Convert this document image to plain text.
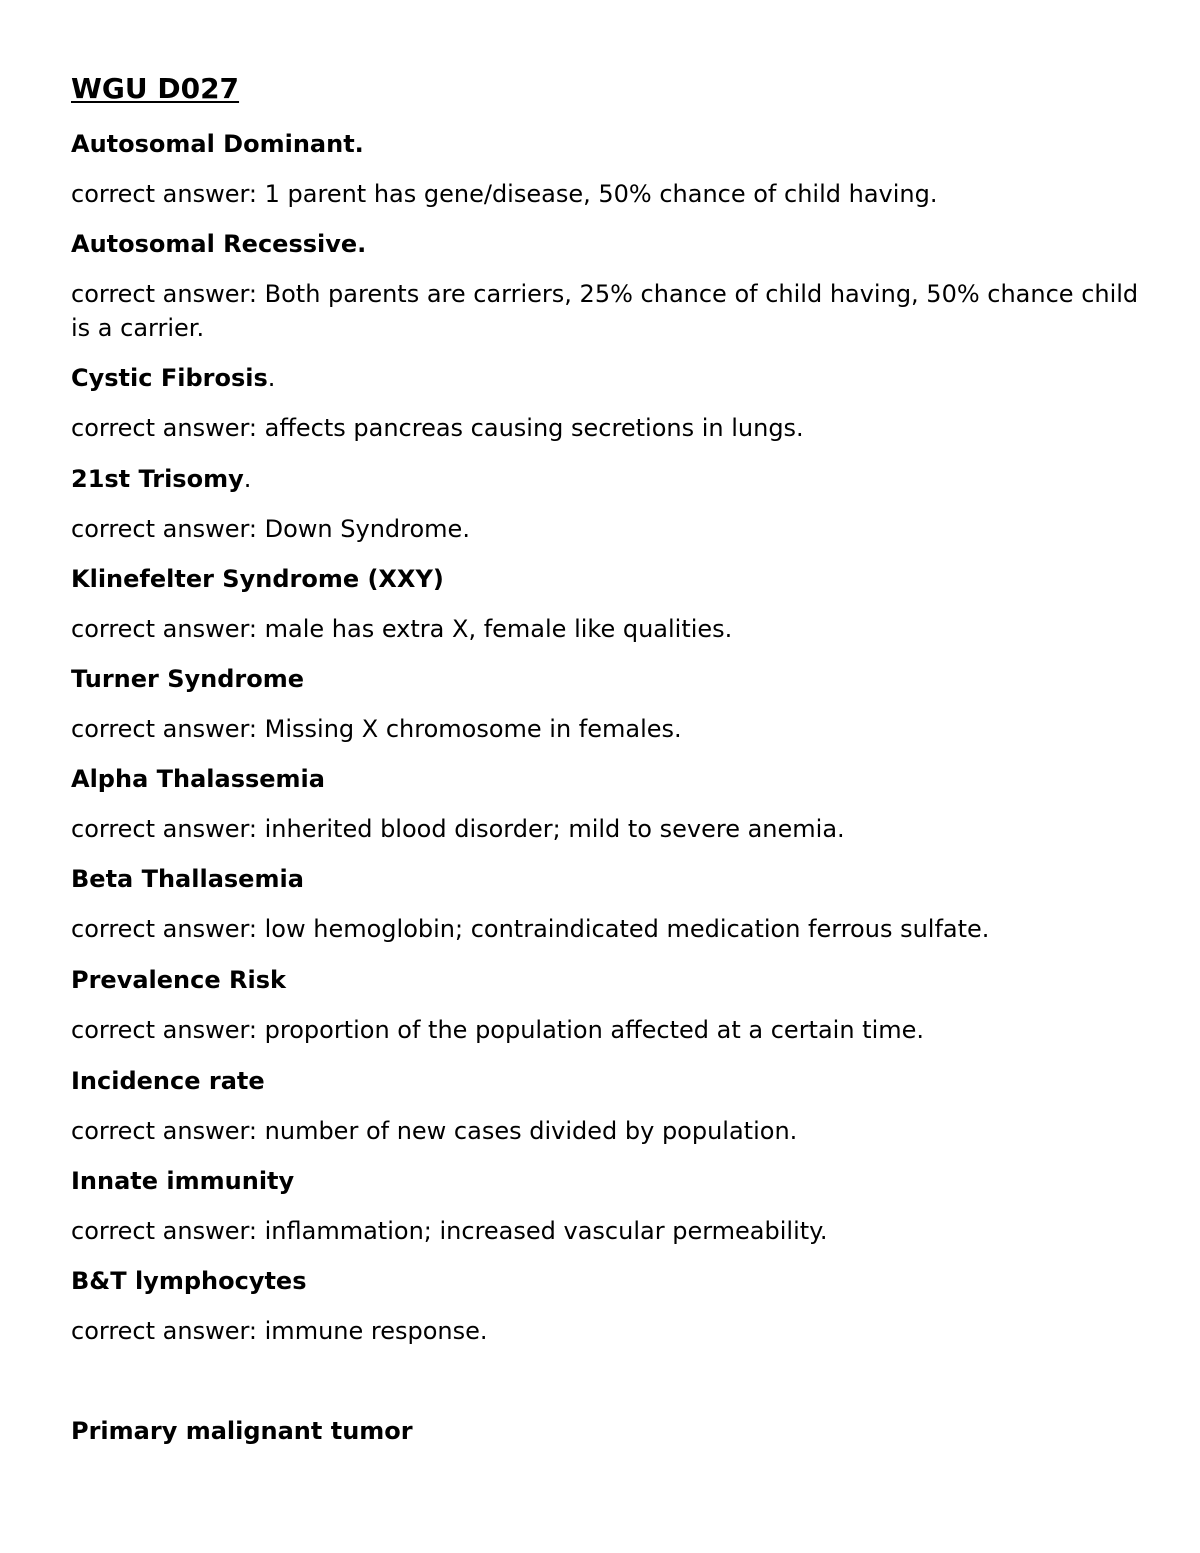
WGU D027

Autosomal Dominant.

correct answer: 1 parent has gene/disease, 50% chance of child having.

Autosomal Recessive.

correct answer: Both parents are carriers, 25% chance of child having, 50% chance child is a carrier.

Cystic Fibrosis.

correct answer: affects pancreas causing secretions in lungs.

21st Trisomy.

correct answer: Down Syndrome.

Klinefelter Syndrome (XXY)

correct answer: male has extra X, female like qualities.

Turner Syndrome

correct answer: Missing X chromosome in females.

Alpha Thalassemia

correct answer: inherited blood disorder; mild to severe anemia.

Beta Thallasemia

correct answer: low hemoglobin; contraindicated medication ferrous sulfate.

Prevalence Risk

correct answer: proportion of the population affected at a certain time.

Incidence rate

correct answer: number of new cases divided by population.

Innate immunity

correct answer: inflammation; increased vascular permeability.

B&T lymphocytes

correct answer: immune response.

Primary malignant tumor
